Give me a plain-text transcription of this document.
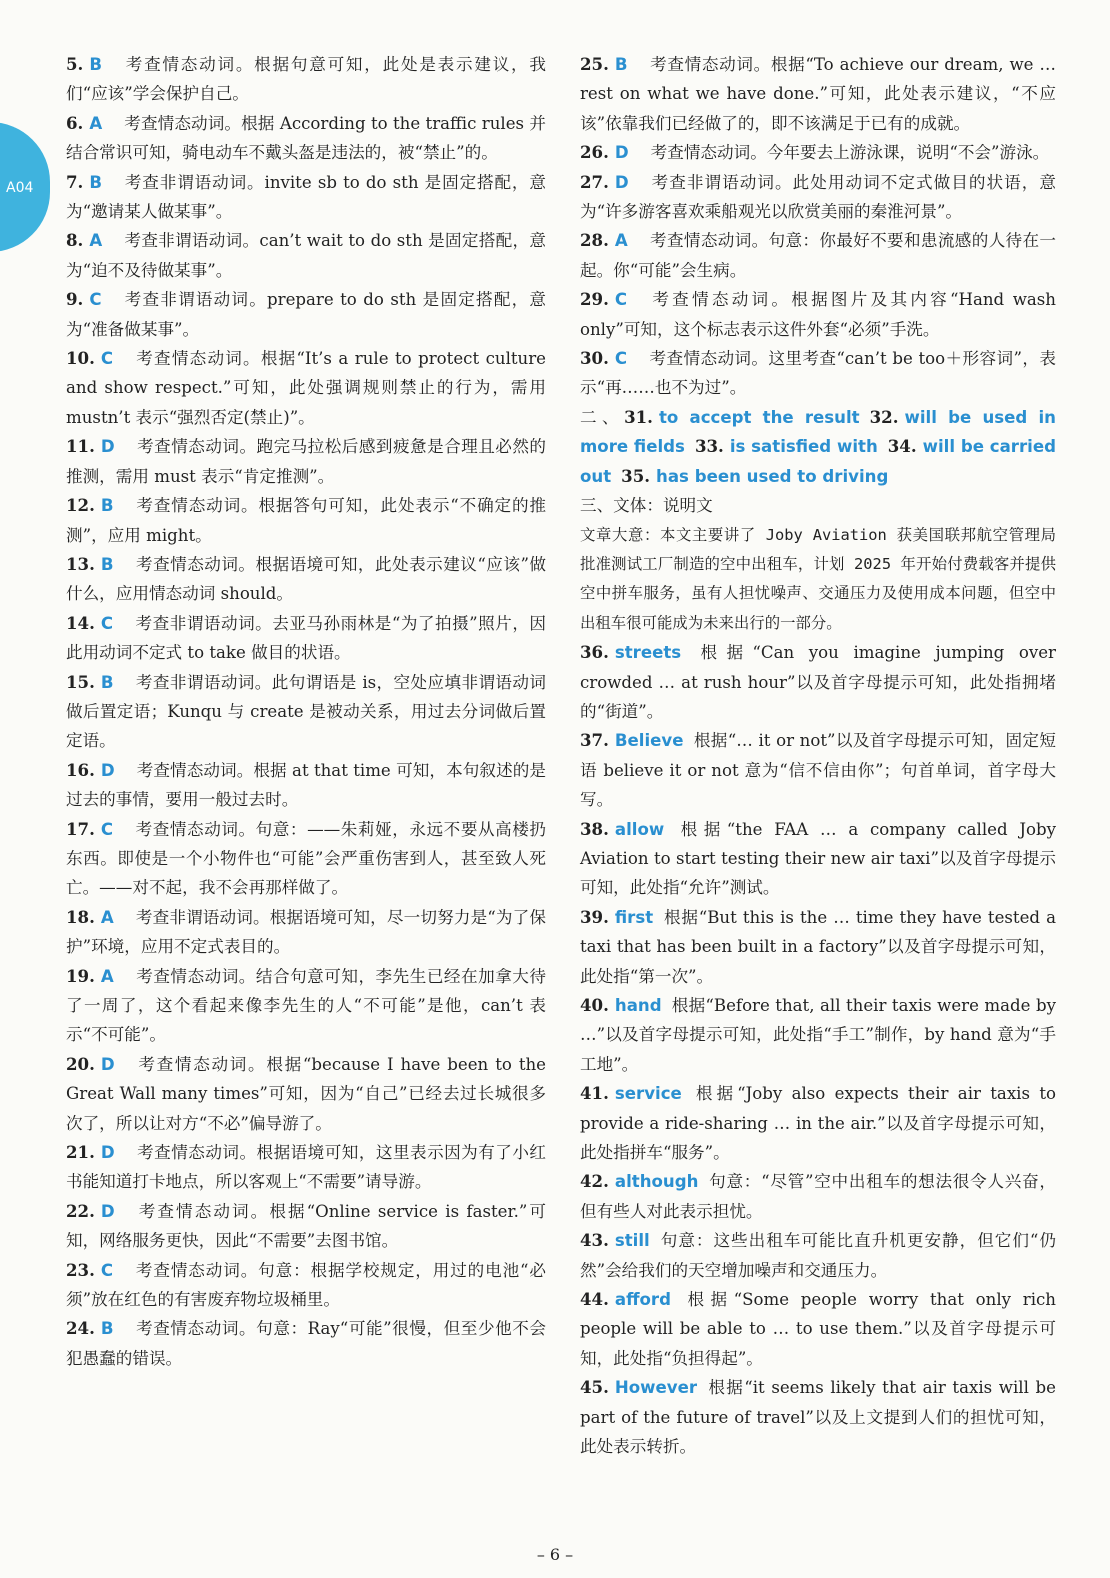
A04

5. B 考查情态动词。根据句意可知，此处是表示建议，我们“应该”学会保护自己。

6. A 考查情态动词。根据 According to the traffic rules 并结合常识可知，骑电动车不戴头盔是违法的，被“禁止”的。

7. B 考查非谓语动词。invite sb to do sth 是固定搭配，意为“邀请某人做某事”。

8. A 考查非谓语动词。can’t wait to do sth 是固定搭配，意为“迫不及待做某事”。

9. C 考查非谓语动词。prepare to do sth 是固定搭配，意为“准备做某事”。

10. C 考查情态动词。根据“It’s a rule to protect culture and show respect.”可知，此处强调规则禁止的行为，需用 mustn’t 表示“强烈否定(禁止)”。

11. D 考查情态动词。跑完马拉松后感到疲惫是合理且必然的推测，需用 must 表示“肯定推测”。

12. B 考查情态动词。根据答句可知，此处表示“不确定的推测”，应用 might。

13. B 考查情态动词。根据语境可知，此处表示建议“应该”做什么，应用情态动词 should。

14. C 考查非谓语动词。去亚马孙雨林是“为了拍摄”照片，因此用动词不定式 to take 做目的状语。

15. B 考查非谓语动词。此句谓语是 is，空处应填非谓语动词做后置定语；Kunqu 与 create 是被动关系，用过去分词做后置定语。

16. D 考查情态动词。根据 at that time 可知，本句叙述的是过去的事情，要用一般过去时。

17. C 考查情态动词。句意：——朱莉娅，永远不要从高楼扔东西。即使是一个小物件也“可能”会严重伤害到人，甚至致人死亡。——对不起，我不会再那样做了。

18. A 考查非谓语动词。根据语境可知，尽一切努力是“为了保护”环境，应用不定式表目的。

19. A 考查情态动词。结合句意可知，李先生已经在加拿大待了一周了，这个看起来像李先生的人“不可能”是他，can’t 表示“不可能”。

20. D 考查情态动词。根据“because I have been to the Great Wall many times”可知，因为“自己”已经去过长城很多次了，所以让对方“不必”偏导游了。

21. D 考查情态动词。根据语境可知，这里表示因为有了小红书能知道打卡地点，所以客观上“不需要”请导游。

22. D 考查情态动词。根据“Online service is faster.”可知，网络服务更快，因此“不需要”去图书馆。

23. C 考查情态动词。句意：根据学校规定，用过的电池“必须”放在红色的有害废弃物垃圾桶里。

24. B 考查情态动词。句意：Ray“可能”很慢，但至少他不会犯愚蠢的错误。

25. B 考查情态动词。根据“To achieve our dream, we … rest on what we have done.”可知，此处表示建议，“不应该”依靠我们已经做了的，即不该满足于已有的成就。

26. D 考查情态动词。今年要去上游泳课，说明“不会”游泳。

27. D 考查非谓语动词。此处用动词不定式做目的状语，意为“许多游客喜欢乘船观光以欣赏美丽的秦淮河景”。

28. A 考查情态动词。句意：你最好不要和患流感的人待在一起。你“可能”会生病。

29. C 考查情态动词。根据图片及其内容“Hand wash only”可知，这个标志表示这件外套“必须”手洗。

30. C 考查情态动词。这里考查“can’t be too＋形容词”，表示“再……也不为过”。

二、31. to accept the result 32. will be used in more fields 33. is satisfied with 34. will be carried out 35. has been used to driving

三、文体：说明文

文章大意：本文主要讲了 Joby Aviation 获美国联邦航空管理局批准测试工厂制造的空中出租车，计划 2025 年开始付费载客并提供空中拼车服务，虽有人担忧噪声、交通压力及使用成本问题，但空中出租车很可能成为未来出行的一部分。

36. streets 根据“Can you imagine jumping over crowded … at rush hour”以及首字母提示可知，此处指拥堵的“街道”。

37. Believe 根据“… it or not”以及首字母提示可知，固定短语 believe it or not 意为“信不信由你”；句首单词，首字母大写。

38. allow 根据“the FAA … a company called Joby Aviation to start testing their new air taxi”以及首字母提示可知，此处指“允许”测试。

39. first 根据“But this is the … time they have tested a taxi that has been built in a factory”以及首字母提示可知，此处指“第一次”。

40. hand 根据“Before that, all their taxis were made by …”以及首字母提示可知，此处指“手工”制作，by hand 意为“手工地”。

41. service 根据“Joby also expects their air taxis to provide a ride-sharing … in the air.”以及首字母提示可知，此处指拼车“服务”。

42. although 句意：“尽管”空中出租车的想法很令人兴奋，但有些人对此表示担忧。

43. still 句意：这些出租车可能比直升机更安静，但它们“仍然”会给我们的天空增加噪声和交通压力。

44. afford 根据“Some people worry that only rich people will be able to … to use them.”以及首字母提示可知，此处指“负担得起”。

45. However 根据“it seems likely that air taxis will be part of the future of travel”以及上文提到人们的担忧可知，此处表示转折。

– 6 –
